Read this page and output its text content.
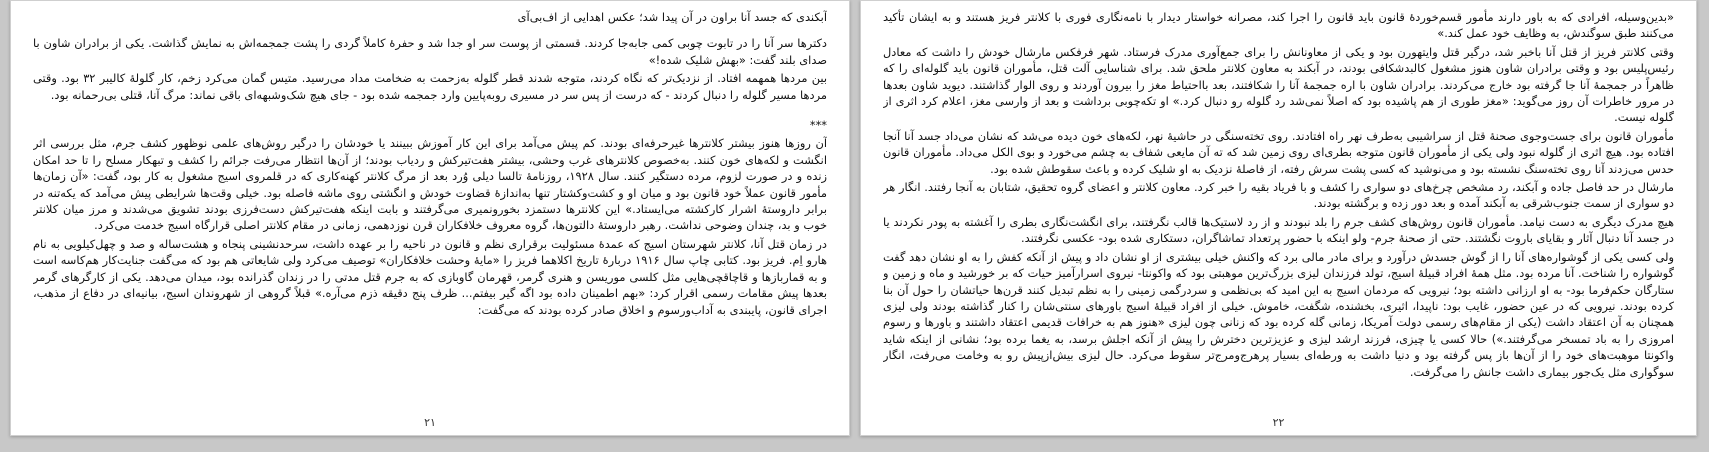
«بدین‌وسیله، افرادی که به باور دارند مأمور قسم‌خوردهٔ قانون باید قانون را اجرا کند، مصرانه خواستار دیدار با نامه‌نگاری فوری با کلانتر فریز هستند و به ایشان تأکید می‌کنند طبق سوگندش، به وظایف خود عمل کند.»

وقتی کلانتر فریز از قتل آنا باخبر شد، درگیر قتل وایتهورن بود و یکی از معاونانش را برای جمع‌آوری مدرک فرستاد. شهر فرفکس مارشال خودش را داشت که معادل رئیس‌پلیس بود و وقتی برادران شاون هنوز مشغول کالبدشکافی بودند، در آبکند به معاون کلانتر ملحق شد. برای شناسایی آلت قتل، مأموران قانون باید گلوله‌ای را که ظاهراً در جمجمهٔ آنا جا گرفته بود خارج می‌کردند. برادران شاون با اره جمجمهٔ آنا را شکافتند، بعد با‌احتیاط مغز را بیرون آوردند و روی الوار گذاشتند. دیوید شاون بعدها در مرور خاطرات آن روز می‌گوید: «مغز طوری از هم پاشیده بود که اصلاً نمی‌شد رد گلوله رو دنبال کرد.» او تکه‌چوبی برداشت و بعد از وارسی مغز، اعلام کرد اثری از گلوله نیست.

مأموران قانون برای جست‌وجوی صحنهٔ قتل از سراشیبی به‌طرف نهر راه افتادند. روی تخته‌سنگی در حاشیهٔ نهر، لکه‌های خون دیده می‌شد که نشان می‌داد جسد آنا آنجا افتاده بود. هیچ اثری از گلوله نبود ولی یکی از مأموران قانون متوجه بطری‌ای روی زمین شد که ته آن مایعی شفاف به چشم می‌خورد و بوی الکل می‌داد. مأموران قانون حدس می‌زدند آنا روی تخته‌سنگ نشسته بود و می‌نوشید که کسی پشت سرش رفته، از فاصلهٔ نزدیک به او شلیک کرده و باعث سقوطش شده بود.

مارشال در حد فاصل جاده و آبکند، رد مشخص چرخ‌های دو سواری را کشف و با فریاد بقیه را خبر کرد. معاون کلانتر و اعضای گروه تحقیق، شتابان به آنجا رفتند. انگار هر دو سواری از سمت جنوب‌شرقی به آبکند آمده و بعد دور زده و برگشته بودند.

هیچ مدرک دیگری به دست نیامد. مأموران قانون روش‌های کشف جرم را بلد نبودند و از رد لاستیک‌ها قالب نگرفتند، برای انگشت‌نگاری بطری را آغشته به پودر نکردند یا در جسد آنا دنبال آثار و بقایای باروت نگشتند. حتی از صحنهٔ جرم- ولو اینکه با حضور پرتعداد تماشاگران، دستکاری شده بود- عکسی نگرفتند.

ولی کسی یکی از گوشواره‌های آنا را از گوش جسدش درآورد و برای مادر مالی برد که واکنش خیلی بیشتری از او نشان داد و پیش از آنکه کفش را به او نشان دهد گفت گوشواره را شناخت. آنا مرده بود. مثل همهٔ افراد قبیلهٔ اسیج، تولد فرزندان لیزی بزرگ‌ترین موهبتی بود که واکونتا- نیروی اسرارآمیز حیات که بر خورشید و ماه و زمین و ستارگان حکم‌فرما بود- به او ارزانی داشته بود؛ نیرویی که مردمان اسیج به این امید که بی‌نظمی و سردرگمی زمینی را به نظم تبدیل کنند قرن‌ها حیاتشان را حول آن بنا کرده بودند. نیرویی که در عین حضور، غایب بود: ناپیدا، اثیری، بخشنده، شگفت، خاموش. خیلی از افراد قبیلهٔ اسیج باورهای سنتی‌شان را کنار گذاشته بودند ولی لیزی همچنان به آن اعتقاد داشت (یکی از مقام‌های رسمی دولت آمریکا، زمانی گله کرده بود که زنانی چون لیزی «هنوز هم به خرافات قدیمی اعتقاد داشتند و باورها و رسوم امروزی را به باد تمسخر می‌گرفتند.») حالا کسی یا چیزی، فرزند ارشد لیزی و عزیزترین دخترش را پیش از آنکه اجلش برسد، به یغما برده بود؛ نشانی از اینکه شاید واکونتا موهبت‌های خود را از آن‌ها باز پس گرفته بود و دنیا داشت به ورطه‌ای بسیار پرهرج‌ومرج‌تر سقوط می‌کرد. حال لیزی بیش‌ازپیش رو به وخامت می‌رفت، انگار سوگواری مثل یک‌جور بیماری داشت جانش را می‌گرفت.

۲۲

آبکندی که جسد آنا براون در آن پیدا شد؛ عکس اهدایی از اف‌بی‌آی

دکترها سر آنا را در تابوت چوبی کمی جابه‌جا کردند. قسمتی از پوست سر او جدا شد و حفرهٔ کاملاً گردی را پشت جمجمه‌اش به نمایش گذاشت. یکی از برادران شاون با صدای بلند گفت: «بهش شلیک شده!»

بین مردها همهمه افتاد. از نزدیک‌تر که نگاه کردند، متوجه شدند قطر گلوله به‌زحمت به ضخامت مداد می‌رسید. متیس گمان می‌کرد زخم، کار گلولهٔ کالیبر ۳۲ بود. وقتی مردها مسیر گلوله را دنبال کردند - که درست از پس سر در مسیری روبه‌پایین وارد جمجمه شده بود - جای هیچ شک‌وشبهه‌ای باقی نماند: مرگ آنا، قتلی بی‌رحمانه بود.

***

آن روزها هنوز بیشتر کلانترها غیرحرفه‌ای بودند. کم پیش می‌آمد برای این کار آموزش ببینند یا خودشان را درگیر روش‌های علمی نوظهور کشف جرم، مثل بررسی اثر انگشت و لکه‌های خون کنند. به‌خصوص کلانترهای غرب وحشی، بیشتر هفت‌تیرکش و ردیاب بودند؛ از آن‌ها انتظار می‌رفت جرائم را کشف و تبهکار مسلح را تا حد امکان زنده و در صورت لزوم، مرده دستگیر کنند. سال ۱۹۲۸، روزنامهٔ تالسا دیلی وُرد بعد از مرگ کلانتر کهنه‌کاری که در قلمروی اسیج مشغول به کار بود، گفت: «آن زمان‌ها مأمور قانون عملاً خود قانون بود و میان او و کشت‌وکشتار تنها به‌اندازهٔ قضاوت خودش و انگشتی روی ماشه فاصله بود. خیلی وقت‌ها شرایطی پیش می‌آمد که یکه‌تنه در برابر داروستهٔ اشرار کارکشته می‌ایستاد.» این کلانترها دستمزد بخورونمیری می‌گرفتند و بابت اینکه هفت‌تیرکش دست‌فرزی بودند تشویق می‌شدند و مرز میان کلانتر خوب و بد، چندان وضوحی نداشت. رهبر داروستهٔ دالتون‌ها، گروه معروف خلافکاران قرن نوزدهمی، زمانی در مقام کلانتر اصلی قرارگاه اسیج خدمت می‌کرد.

در زمان قتل آنا، کلانتر شهرستان اسیج که عمدهٔ مسئولیت برقراری نظم و قانون در ناحیه را بر عهده داشت، سرحدنشینی پنجاه و هشت‌ساله و صد و چهل‌کیلویی به نام هارو اِم. فریز بود. کتابی چاپ سال ۱۹۱۶ دربارهٔ تاریخ اکلاهما فریز را «مایهٔ وحشت خلافکاران» توصیف می‌کرد ولی شایعاتی هم بود که می‌گفت جنایت‌کار هم‌کاسه است و به قماربازها و قاچاقچی‌هایی مثل کلسی موریسن و هنری گرمر، قهرمان گاوبازی که به جرم قتل مدتی را در زندان گذرانده بود، میدان می‌دهد. یکی از کارگرهای گرمر بعدها پیش مقامات رسمی اقرار کرد: «بهم اطمینان داده بود اگه گیر بیفتم... ظرف پنج دقیقه ذزم می‌آره.» قبلاً گروهی از شهروندان اسیج، بیانیه‌ای در دفاع از مذهب، اجرای قانون، پایبندی به آداب‌ورسوم و اخلاق صادر کرده بودند که می‌گفت:

۲۱
